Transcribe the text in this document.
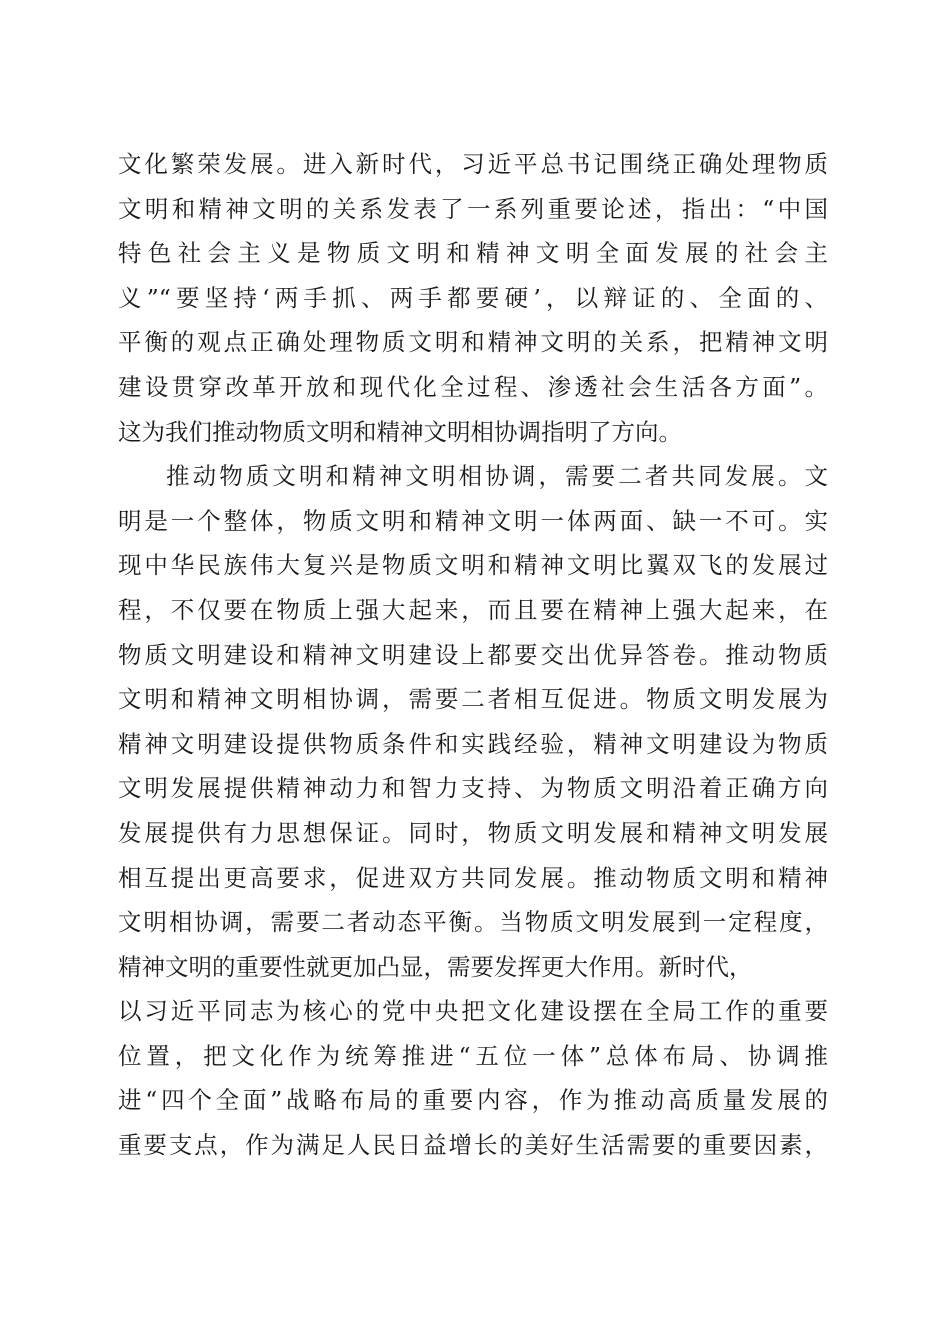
文化繁荣发展。进入新时代，习近平总书记围绕正确处理物质
文明和精神文明的关系发表了一系列重要论述，指出：“中国
特色社会主义是物质文明和精神文明全面发展的社会主
义”“要坚持‘两手抓、两手都要硬’，以辩证的、全面的、
平衡的观点正确处理物质文明和精神文明的关系，把精神文明
建设贯穿改革开放和现代化全过程、渗透社会生活各方面”。
这为我们推动物质文明和精神文明相协调指明了方向。
推动物质文明和精神文明相协调，需要二者共同发展。文
明是一个整体，物质文明和精神文明一体两面、缺一不可。实
现中华民族伟大复兴是物质文明和精神文明比翼双飞的发展过
程，不仅要在物质上强大起来，而且要在精神上强大起来，在
物质文明建设和精神文明建设上都要交出优异答卷。推动物质
文明和精神文明相协调，需要二者相互促进。物质文明发展为
精神文明建设提供物质条件和实践经验，精神文明建设为物质
文明发展提供精神动力和智力支持、为物质文明沿着正确方向
发展提供有力思想保证。同时，物质文明发展和精神文明发展
相互提出更高要求，促进双方共同发展。推动物质文明和精神
文明相协调，需要二者动态平衡。当物质文明发展到一定程度，
精神文明的重要性就更加凸显，需要发挥更大作用。新时代，
以习近平同志为核心的党中央把文化建设摆在全局工作的重要
位置，把文化作为统筹推进“五位一体”总体布局、协调推
进“四个全面”战略布局的重要内容，作为推动高质量发展的
重要支点，作为满足人民日益增长的美好生活需要的重要因素，
